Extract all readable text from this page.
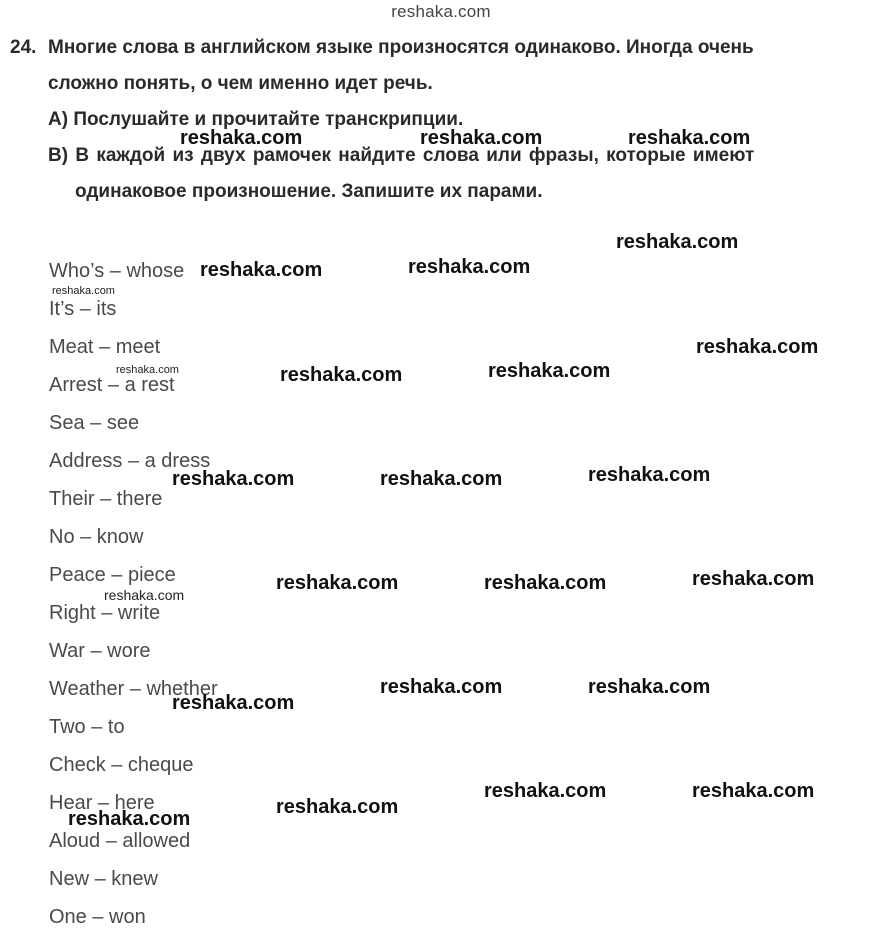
reshaka.com
24. Многие слова в английском языке произносятся одинаково. Иногда очень
сложно понять, о чем именно идет речь.
А) Послушайте и прочитайте транскрипции.
В) В каждой из двух рамочек найдите слова или фразы, которые имеют
одинаковое произношение. Запишите их парами.
Who’s – whose
It’s – its
Meat – meet
Arrest – a rest
Sea – see
Address – a dress
Their – there
No – know
Peace – piece
Right – write
War – wore
Weather – whether
Two – to
Check – cheque
Hear – here
Aloud – allowed
New – knew
One – won
reshaka.com	reshaka.com	reshaka.com
reshaka.com
reshaka.com	reshaka.com
reshaka.com
reshaka.com
reshaka.com	reshaka.com	reshaka.com
reshaka.com	reshaka.com	reshaka.com
reshaka.com	reshaka.com	reshaka.com
reshaka.com
reshaka.com	reshaka.com
reshaka.com
reshaka.com	reshaka.com
reshaka.com
reshaka.com
